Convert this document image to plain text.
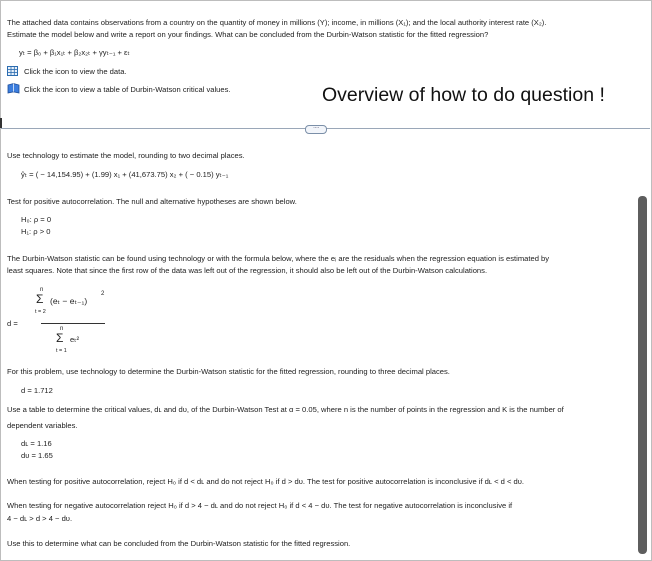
The attached data contains observations from a country on the quantity of money in millions (Y); income, in millions (X₁); and the local authority interest rate (X₂).
Estimate the model below and write a report on your findings. What can be concluded from the Durbin-Watson statistic for the fitted regression?
yₜ = β₀ + β₁x₁ₜ + β₂x₂ₜ + γyₜ₋₁ + εₜ
Click the icon to view the data.
Click the icon to view a table of Durbin-Watson critical values.	Overview of how to do question !
····
Use technology to estimate the model, rounding to two decimal places.
ŷₜ = ( − 14,154.95) + (1.99) x₁ + (41,673.75) x₂ + ( − 0.15) yₜ₋₁
Test for positive autocorrelation. The null and alternative hypotheses are shown below.
H₀: ρ = 0
H₁: ρ > 0
The Durbin-Watson statistic can be found using technology or with the formula below, where the eᵢ are the residuals when the regression equation is estimated by
least squares. Note that since the first row of the data was left out of the regression, it should also be left out of the Durbin-Watson calculations.
d =
n
Σ
t = 2
(eₜ − eₜ₋₁)
2
n
Σ
t = 1
eₜ²
For this problem, use technology to determine the Durbin-Watson statistic for the fitted regression, rounding to three decimal places.
d = 1.712
Use a table to determine the critical values, dʟ and dᴜ, of the Durbin-Watson Test at α = 0.05, where n is the number of points in the regression and K is the number of
dependent variables.
dʟ = 1.16
dᴜ = 1.65
When testing for positive autocorrelation, reject H₀ if d < dʟ and do not reject H₀ if d > dᴜ. The test for positive autocorrelation is inconclusive if dʟ < d < dᴜ.
When testing for negative autocorrelation reject H₀ if d > 4 − dʟ and do not reject H₀ if d < 4 − dᴜ. The test for negative autocorrelation is inconclusive if
4 − dʟ > d > 4 − dᴜ.
Use this to determine what can be concluded from the Durbin-Watson statistic for the fitted regression.
